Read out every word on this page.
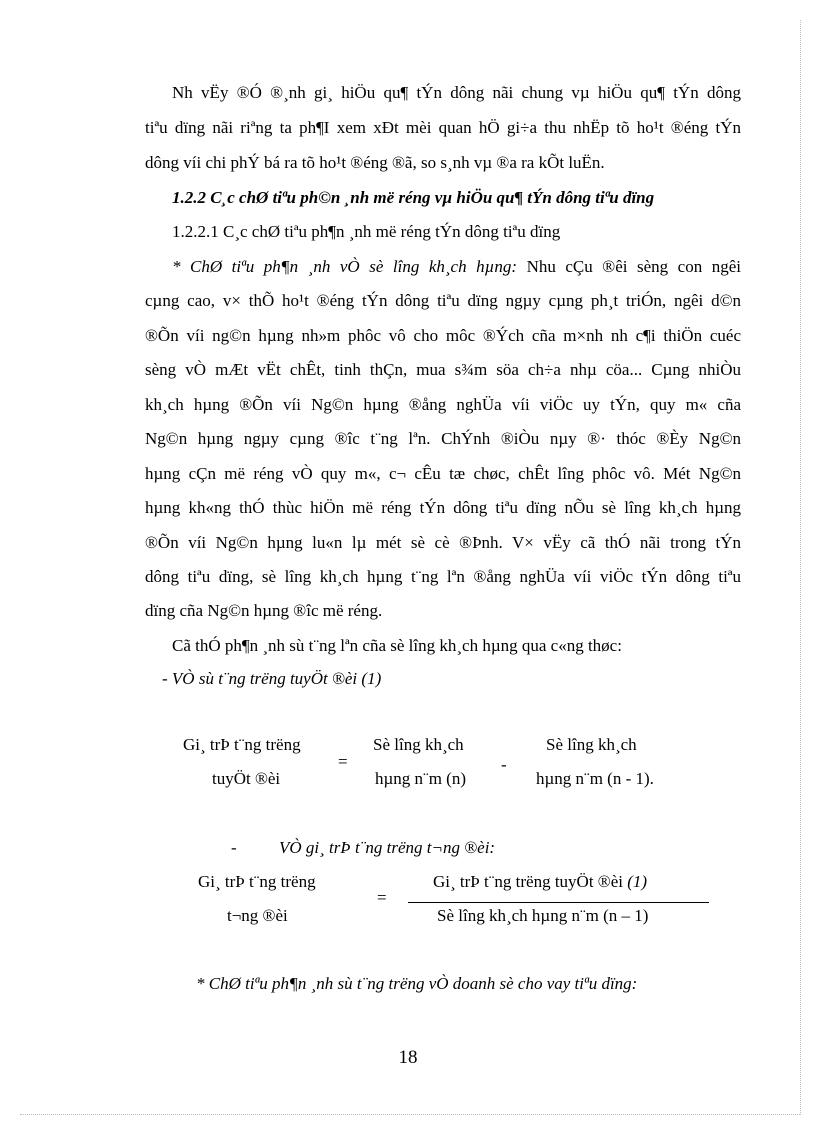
Nh vËy ®Ó ®¸nh gi¸ hiÖu qu¶ tÝn dông nãi chung vµ hiÖu qu¶ tÝn dông
tiªu dïng nãi riªng ta ph¶I xem xÐt mèi quan hÖ gi÷a thu nhËp tõ ho¹t ®éng tÝn
dông víi chi phÝ bá ra tõ ho¹t ®éng ®ã, so s¸nh vµ ®a ra kÕt luËn.
1.2.2 C¸c chØ tiªu ph©n ¸nh më réng vµ hiÖu qu¶ tÝn dông tiªu dïng
1.2.2.1 C¸c chØ tiªu ph¶n ¸nh më réng tÝn dông tiªu dïng
* ChØ tiªu ph¶n ¸nh vÒ sè lîng kh¸ch hµng: Nhu cÇu ®êi sèng con ngêi
cµng cao, v× thÕ ho¹t ®éng tÝn dông tiªu dïng ngµy cµng ph¸t triÓn, ngêi d©n
®Õn víi ng©n hµng nh»m phôc vô cho môc ®Ých cña m×nh nh c¶i thiÖn cuéc
sèng vÒ mÆt vËt chÊt, tinh thÇn, mua s¾m söa ch÷a nhµ cöa... Cµng nhiÒu
kh¸ch hµng ®Õn víi Ng©n hµng ®ång nghÜa víi viÖc uy tÝn, quy m« cña
Ng©n hµng ngµy cµng ®îc t¨ng lªn. ChÝnh ®iÒu nµy ®· thóc ®Èy Ng©n
hµng cÇn më réng vÒ quy m«, c¬ cÊu tæ chøc, chÊt lîng phôc vô. Mét Ng©n
hµng kh«ng thÓ thùc hiÖn më réng tÝn dông tiªu dïng nÕu sè lîng kh¸ch hµng
®Õn víi Ng©n hµng lu«n lµ mét sè cè ®Þnh. V× vËy cã thÓ nãi trong tÝn
dông tiªu dïng, sè lîng kh¸ch hµng t¨ng lªn ®ång nghÜa víi viÖc tÝn dông tiªu
dïng cña Ng©n hµng ®îc më réng.
Cã thÓ ph¶n ¸nh sù t¨ng lªn cña sè lîng kh¸ch hµng qua c«ng thøc:
- VÒ sù t¨ng trëng tuyÖt ®èi (1)
Gi¸ trÞ t¨ng trëng
tuyÖt ®èi
=
Sè lîng kh¸ch
hµng n¨m (n)
-
Sè lîng kh¸ch
hµng n¨m (n - 1).
- VÒ gi¸ trÞ t¨ng trëng t¬ng ®èi:
Gi¸ trÞ t¨ng trëng
t¬ng ®èi
=
Gi¸ trÞ t¨ng trëng tuyÖt ®èi (1)
Sè lîng kh¸ch hµng n¨m (n – 1)
* ChØ tiªu ph¶n ¸nh sù t¨ng trëng vÒ doanh sè cho vay tiªu dïng:
18
